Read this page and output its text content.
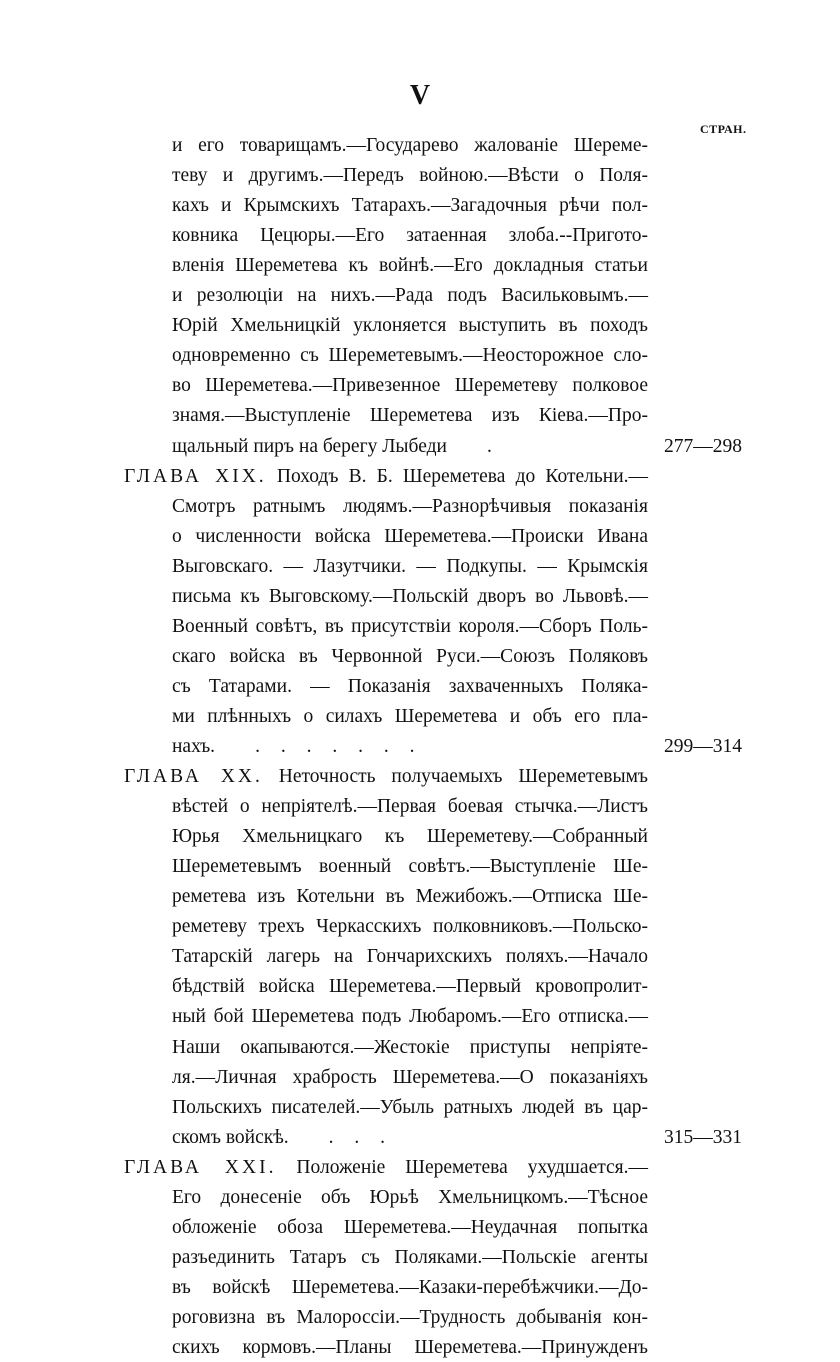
V
СТРАН.
и его товарищамъ.—Государево жалованіе Шереме-
теву и другимъ.—Передъ войною.—Вѣсти о Поля-
кахъ и Крымскихъ Татарахъ.—Загадочныя рѣчи пол-
ковника Цецюры.—Его затаенная злоба.--Пригото-
вленія Шереметева къ войнѣ.—Его докладныя статьи
и резолюціи на нихъ.—Рада подъ Васильковымъ.—
Юрій Хмельницкій уклоняется выступить въ походъ
одновременно съ Шереметевымъ.—Неосторожное сло-
во Шереметева.—Привезенное Шереметеву полковое
знамя.—Выступленіе Шереметева изъ Кіева.—Про-
щальный пиръ на берегу Лыбеди	.	277—298
ГЛАВА XIX. Походъ В. Б. Шереметева до Котельни.—
Смотръ ратнымъ людямъ.—Разнорѣчивыя показанія
о численности войска Шереметева.—Происки Ивана
Выговскаго. — Лазутчики. — Подкупы. — Крымскія
письма къ Выговскому.—Польскій дворъ во Львовѣ.—
Военный совѣтъ, въ присутствіи короля.—Сборъ Поль-
скаго войска въ Червонной Руси.—Союзъ Поляковъ
съ Татарами. — Показанія захваченныхъ Поляка-
ми плѣнныхъ о силахъ Шереметева и объ его пла-
нахъ.	. . . . . . .	299—314
ГЛАВА XX. Неточность получаемыхъ Шереметевымъ
вѣстей о непріятелѣ.—Первая боевая стычка.—Листъ
Юрья Хмельницкаго къ Шереметеву.—Собранный
Шереметевымъ военный совѣтъ.—Выступленіе Ше-
реметева изъ Котельни въ Межибожъ.—Отписка Ше-
реметеву трехъ Черкасскихъ полковниковъ.—Польско-
Татарскій лагерь на Гончарихскихъ поляхъ.—Начало
бѣдствій войска Шереметева.—Первый кровопролит-
ный бой Шереметева подъ Любаромъ.—Его отписка.—
Наши окапываются.—Жестокіе приступы непріяте-
ля.—Личная храбрость Шереметева.—О показаніяхъ
Польскихъ писателей.—Убыль ратныхъ людей въ цар-
скомъ войскѣ.	. . .	315—331
ГЛАВА XXI. Положеніе Шереметева ухудшается.—
Его донесеніе объ Юрьѣ Хмельницкомъ.—Тѣсное
обложеніе обоза Шереметева.—Неудачная попытка
разъединить Татаръ съ Поляками.—Польскіе агенты
въ войскѣ Шереметева.—Казаки-перебѣжчики.—До-
роговизна въ Малороссіи.—Трудность добыванія кон-
скихъ кормовъ.—Планы Шереметева.—Принужденъ
